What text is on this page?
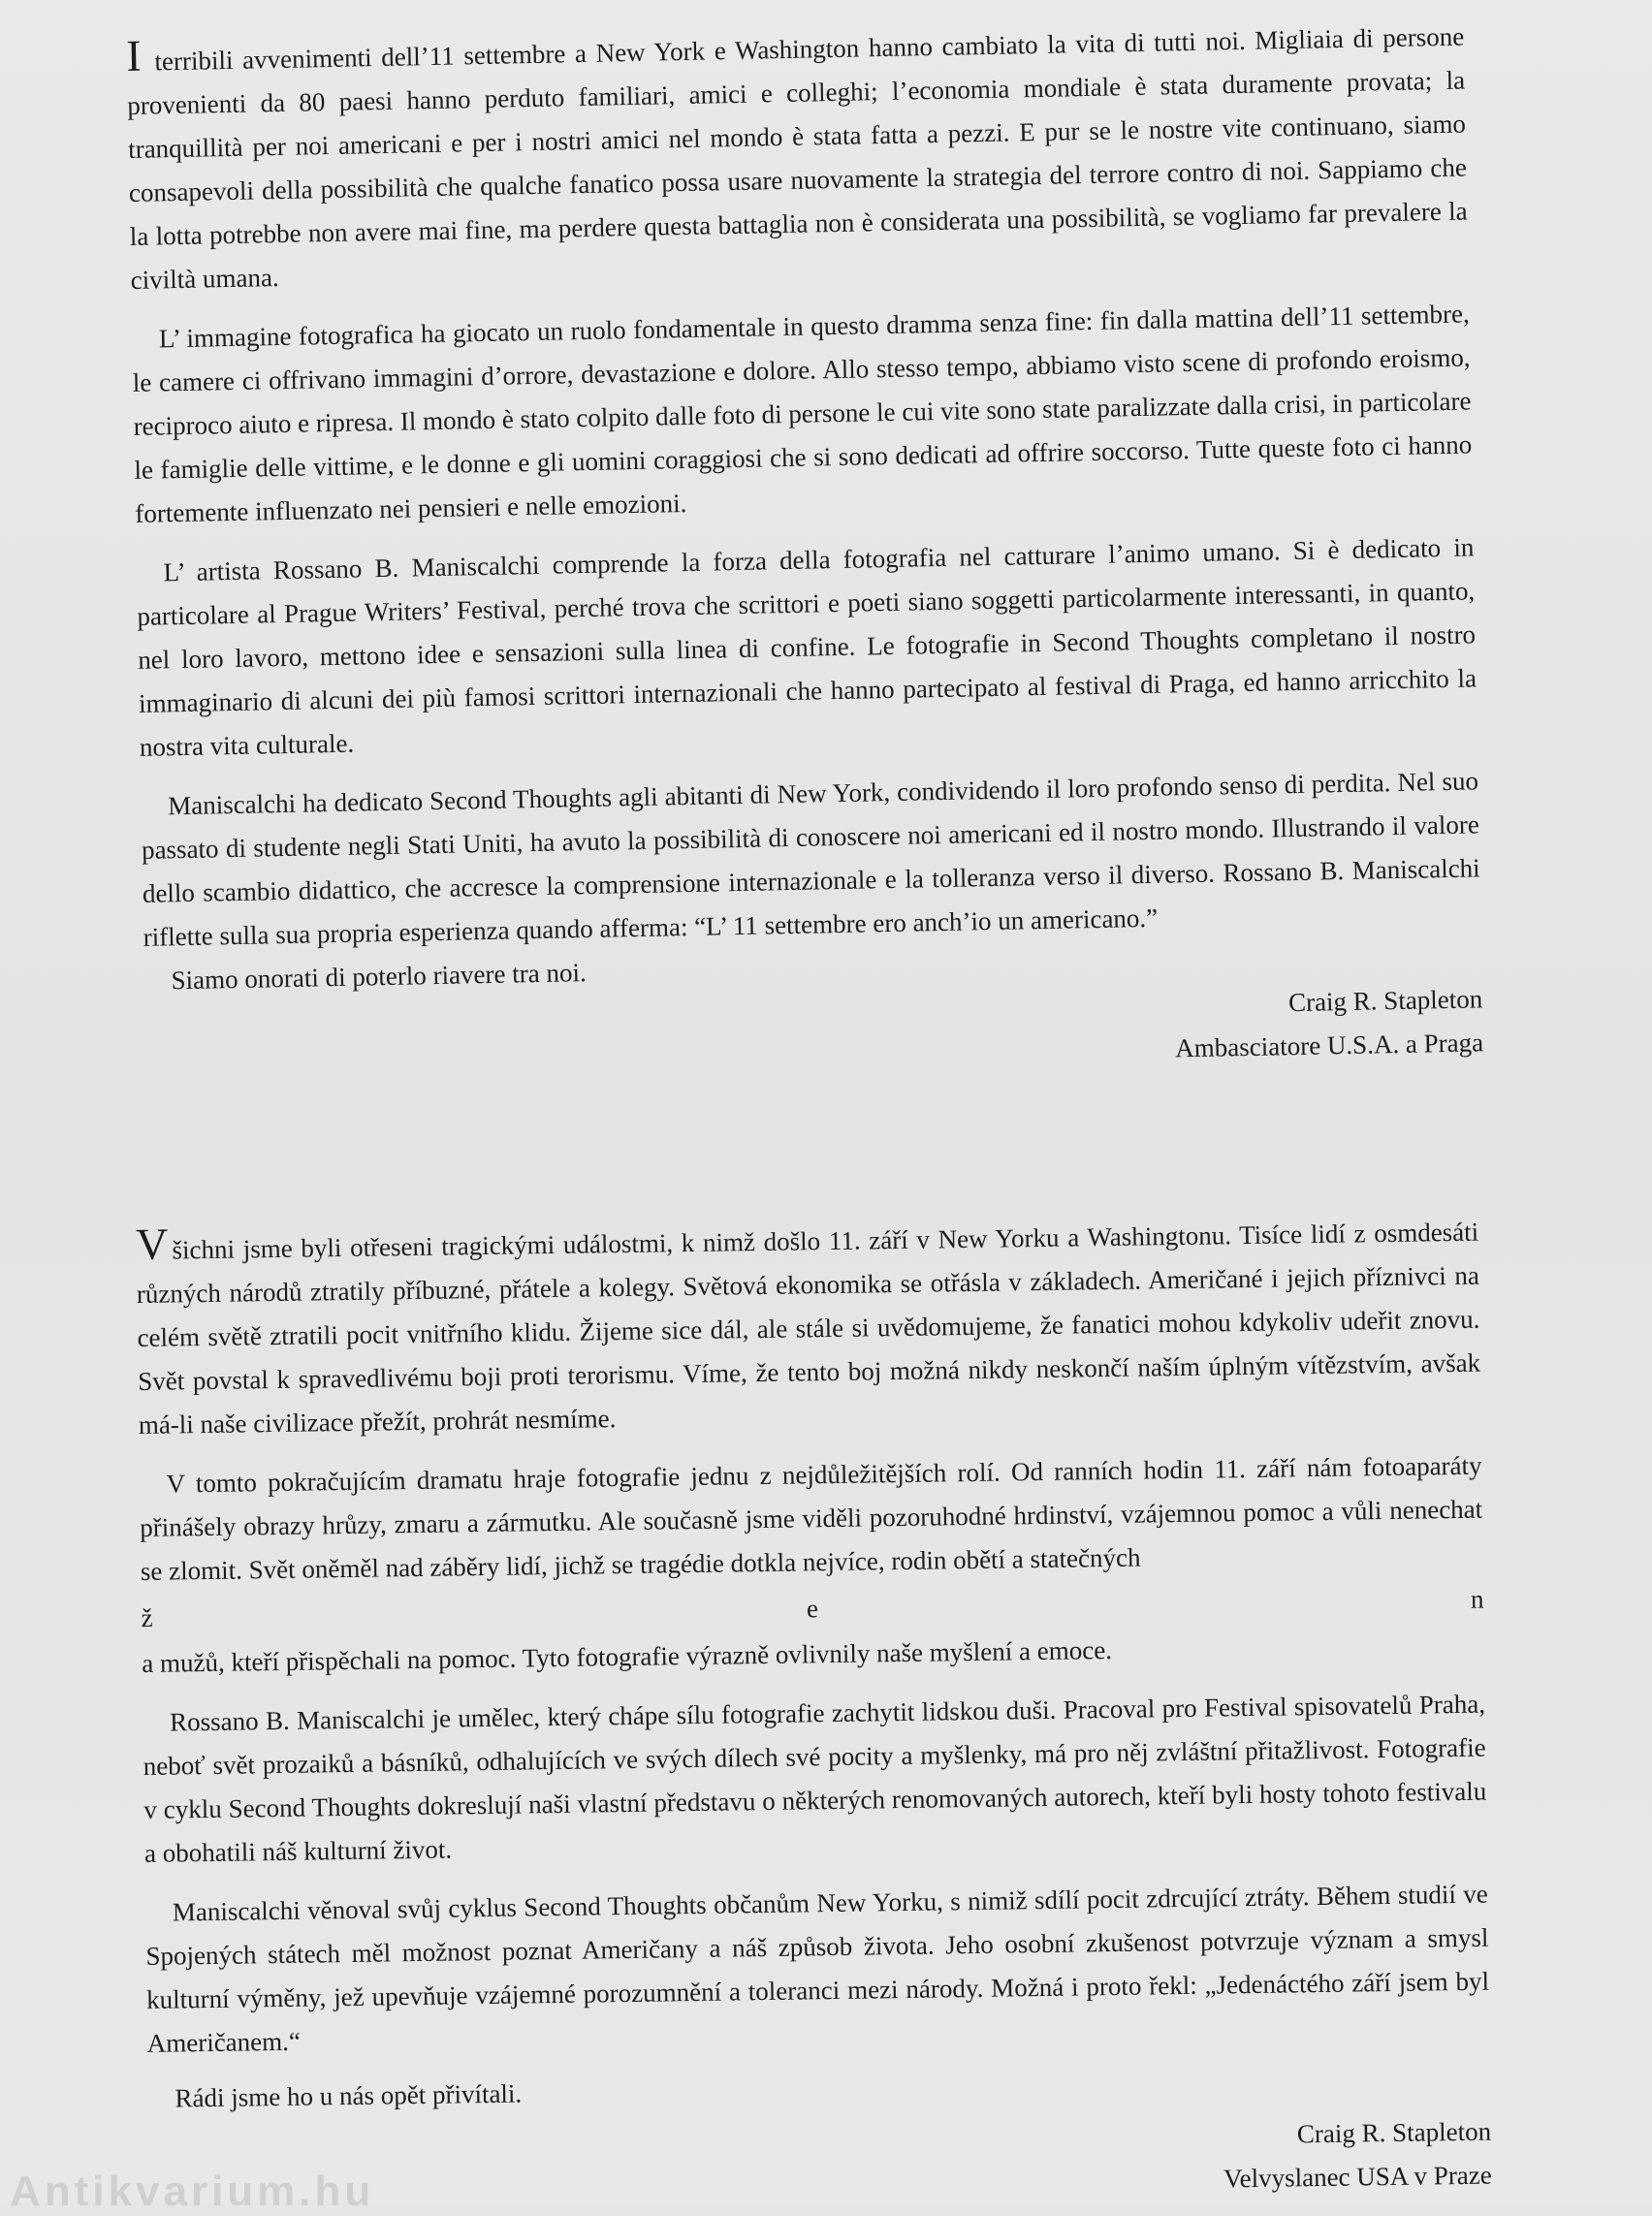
I terribili avvenimenti dell’11 settembre a New York e Washington hanno cambiato la vita di tutti noi. Migliaia di persone provenienti da 80 paesi hanno perduto familiari, amici e colleghi; l’economia mondiale è stata duramente provata; la tranquillità per noi americani e per i nostri amici nel mondo è stata fatta a pezzi. E pur se le nostre vite continuano, siamo consapevoli della possibilità che qualche fanatico possa usare nuovamente la strategia del terrore contro di noi. Sappiamo che la lotta potrebbe non avere mai fine, ma perdere questa battaglia non è considerata una possibilità, se vogliamo far prevalere la civiltà umana.

L’ immagine fotografica ha giocato un ruolo fondamentale in questo dramma senza fine: fin dalla mattina dell’11 settembre, le camere ci offrivano immagini d’orrore, devastazione e dolore. Allo stesso tempo, abbiamo visto scene di profondo eroismo, reciproco aiuto e ripresa. Il mondo è stato colpito dalle foto di persone le cui vite sono state paralizzate dalla crisi, in particolare le famiglie delle vittime, e le donne e gli uomini coraggiosi che si sono dedicati ad offrire soccorso. Tutte queste foto ci hanno fortemente influenzato nei pensieri e nelle emozioni.

L’ artista Rossano B. Maniscalchi comprende la forza della fotografia nel catturare l’animo umano. Si è dedicato in particolare al Prague Writers’ Festival, perché trova che scrittori e poeti siano soggetti particolarmente interessanti, in quanto, nel loro lavoro, mettono idee e sensazioni sulla linea di confine. Le fotografie in Second Thoughts completano il nostro immaginario di alcuni dei più famosi scrittori internazionali che hanno partecipato al festival di Praga, ed hanno arricchito la nostra vita culturale.

Maniscalchi ha dedicato Second Thoughts agli abitanti di New York, condividendo il loro profondo senso di perdita. Nel suo passato di studente negli Stati Uniti, ha avuto la possibilità di conoscere noi americani ed il nostro mondo. Illustrando il valore dello scambio didattico, che accresce la comprensione internazionale e la tolleranza verso il diverso. Rossano B. Maniscalchi riflette sulla sua propria esperienza quando afferma: “L’ 11 settembre ero anch’io un americano.”

Siamo onorati di poterlo riavere tra noi.

Craig R. Stapleton
Ambasciatore U.S.A. a Praga

Všichni jsme byli otřeseni tragickými událostmi, k nimž došlo 11. září v New Yorku a Washingtonu. Tisíce lidí z osmdesáti různých národů ztratily příbuzné, přátele a kolegy. Světová ekonomika se otřásla v základech. Američané i jejich příznivci na celém světě ztratili pocit vnitřního klidu. Žijeme sice dál, ale stále si uvědomujeme, že fanatici mohou kdykoliv udeřit znovu. Svět povstal k spravedlivému boji proti terorismu. Víme, že tento boj možná nikdy neskončí naším úplným vítězstvím, avšak má-li naše civilizace přežít, prohrát nesmíme.

V tomto pokračujícím dramatu hraje fotografie jednu z nejdůležitějších rolí. Od ranních hodin 11. září nám fotoaparáty přinášely obrazy hrůzy, zmaru a zármutku. Ale současně jsme viděli pozoruhodné hrdinství, vzájemnou pomoc a vůli nenechat se zlomit. Svět oněměl nad záběry lidí, jichž se tragédie dotkla nejvíce, rodin obětí a statečných

ž	e	n

a mužů, kteří přispěchali na pomoc. Tyto fotografie výrazně ovlivnily naše myšlení a emoce.

Rossano B. Maniscalchi je umělec, který chápe sílu fotografie zachytit lidskou duši. Pracoval pro Festival spisovatelů Praha, neboť svět prozaiků a básníků, odhalujících ve svých dílech své pocity a myšlenky, má pro něj zvláštní přitažlivost. Fotografie v cyklu Second Thoughts dokreslují naši vlastní představu o některých renomovaných autorech, kteří byli hosty tohoto festivalu a obohatili náš kulturní život.

Maniscalchi věnoval svůj cyklus Second Thoughts občanům New Yorku, s nimiž sdílí pocit zdrcující ztráty. Během studií ve Spojených státech měl možnost poznat Američany a náš způsob života. Jeho osobní zkušenost potvrzuje význam a smysl kulturní výměny, jež upevňuje vzájemné porozumnění a toleranci mezi národy. Možná i proto řekl: „Jedenáctého září jsem byl Američanem.“

Rádi jsme ho u nás opět přivítali.

Craig R. Stapleton
Velvyslanec USA v Praze
Antikvarium.hu
